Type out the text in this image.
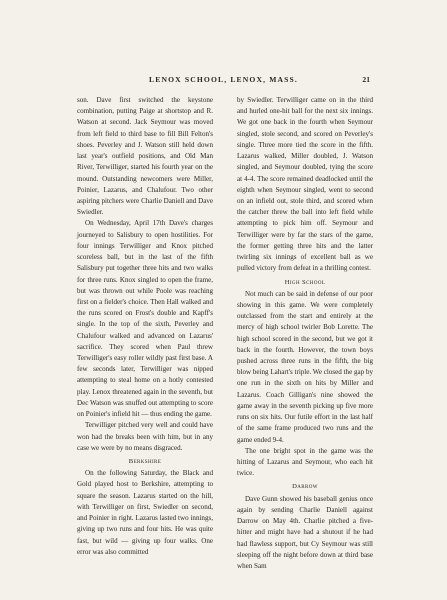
LENOX SCHOOL, LENOX, MASS.	21

son. Dave first switched the keystone combination, putting Paige at shortstop and R. Watson at second. Jack Seymour was moved from left field to third base to fill Bill Felton's shoes. Peverley and J. Watson still held down last year's outfield positions, and Old Man River, Terwilliger, started his fourth year on the mound. Outstanding newcomers were Miller, Poinier, Lazarus, and Chalufour. Two other aspiring pitchers were Charlie Daniell and Dave Swiedler.

On Wednesday, April 17th Dave's charges journeyed to Salisbury to open hostilities. For four innings Terwilliger and Knox pitched scoreless ball, but in the last of the fifth Salisbury put together three hits and two walks for three runs. Knox singled to open the frame, but was thrown out while Poole was reaching first on a fielder's choice. Then Hall walked and the runs scored on Frost's double and Kapff's single. In the top of the sixth, Peverley and Chalufour walked and advanced on Lazarus' sacrifice. They scored when Paul threw Terwilliger's easy roller wildly past first base. A few seconds later, Terwilliger was nipped attempting to steal home on a hotly contested play. Lenox threatened again in the seventh, but Dec Watson was snuffed out attempting to score on Poinier's infield hit — thus ending the game.

Terwilliger pitched very well and could have won had the breaks been with him, but in any case we were by no means disgraced.

Berkshire

On the following Saturday, the Black and Gold played host to Berkshire, attempting to square the season. Lazarus started on the hill, with Terwilliger on first, Swiedler on second, and Poinier in right. Lazarus lasted two innings, giving up two runs and four hits. He was quite fast, but wild — giving up four walks. One error was also committed

by Swiedler. Terwilliger came on in the third and hurled one-hit ball for the next six innings. We got one back in the fourth when Seymour singled, stole second, and scored on Peverley's single. Three more tied the score in the fifth. Lazarus walked, Miller doubled, J. Watson singled, and Seymour doubled, tying the score at 4-4. The score remained deadlocked until the eighth when Seymour singled, went to second on an infield out, stole third, and scored when the catcher threw the ball into left field while attempting to pick him off. Seymour and Terwilliger were by far the stars of the game, the former getting three hits and the latter twirling six innings of excellent ball as we pulled victory from defeat in a thrilling contest.

High School

Not much can be said in defense of our poor showing in this game. We were completely outclassed from the start and entirely at the mercy of high school twirler Bob Lorette. The high school scored in the second, but we got it back in the fourth. However, the town boys pushed across three runs in the fifth, the big blow being Lahart's triple. We closed the gap by one run in the sixth on hits by Miller and Lazarus. Coach Gilligan's nine showed the game away in the seventh picking up five more runs on six hits. Our futile effort in the last half of the same frame produced two runs and the game ended 9-4.

The one bright spot in the game was the hitting of Lazarus and Seymour, who each hit twice.

Darrow

Dave Gunn showed his baseball genius once again by sending Charlie Daniell against Darrow on May 4th. Charlie pitched a five-hitter and might have had a shutout if he had had flawless support, but Cy Seymour was still sleeping off the night before down at third base when Sam
